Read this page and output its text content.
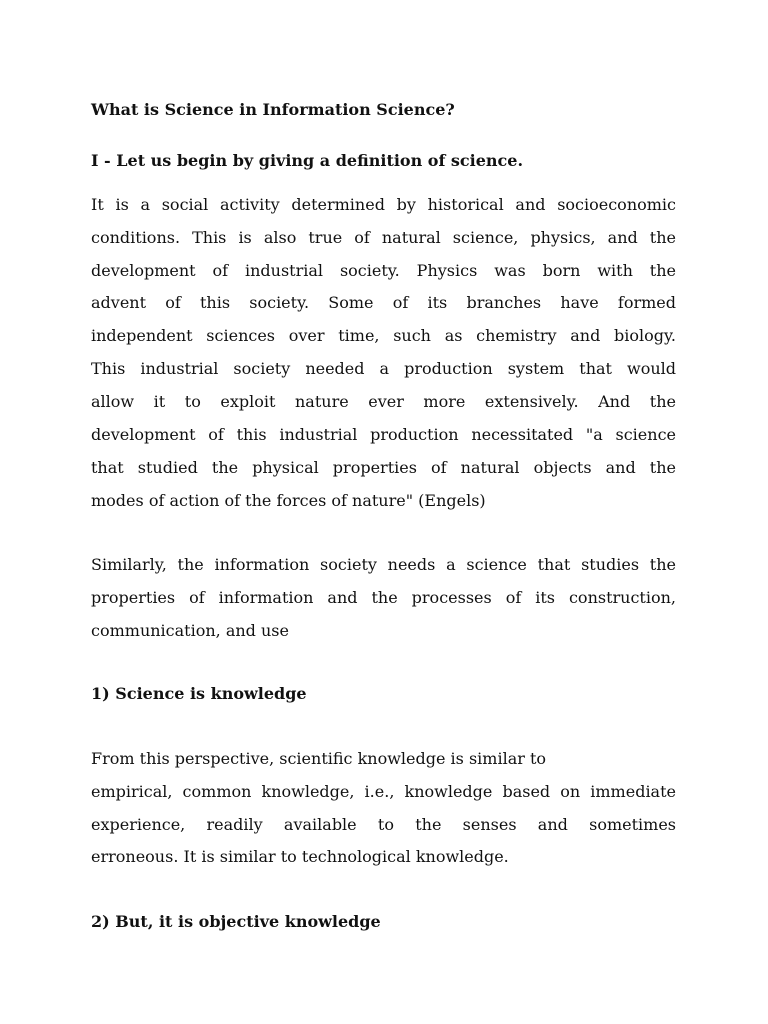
What is Science in Information Science?
I - Let us begin by giving a definition of science.
It is a social activity determined by historical and socioeconomic
conditions. This is also true of natural science, physics, and the
development of industrial society. Physics was born with the
advent of this society. Some of its branches have formed
independent sciences over time, such as chemistry and biology.
This industrial society needed a production system that would
allow it to exploit nature ever more extensively. And the
development of this industrial production necessitated "a science
that studied the physical properties of natural objects and the
modes of action of the forces of nature" (Engels)
Similarly, the information society needs a science that studies the
properties of information and the processes of its construction,
communication, and use
1) Science is knowledge
From this perspective, scientific knowledge is similar to
empirical, common knowledge, i.e., knowledge based on immediate
experience, readily available to the senses and sometimes
erroneous. It is similar to technological knowledge.
2) But, it is objective knowledge
